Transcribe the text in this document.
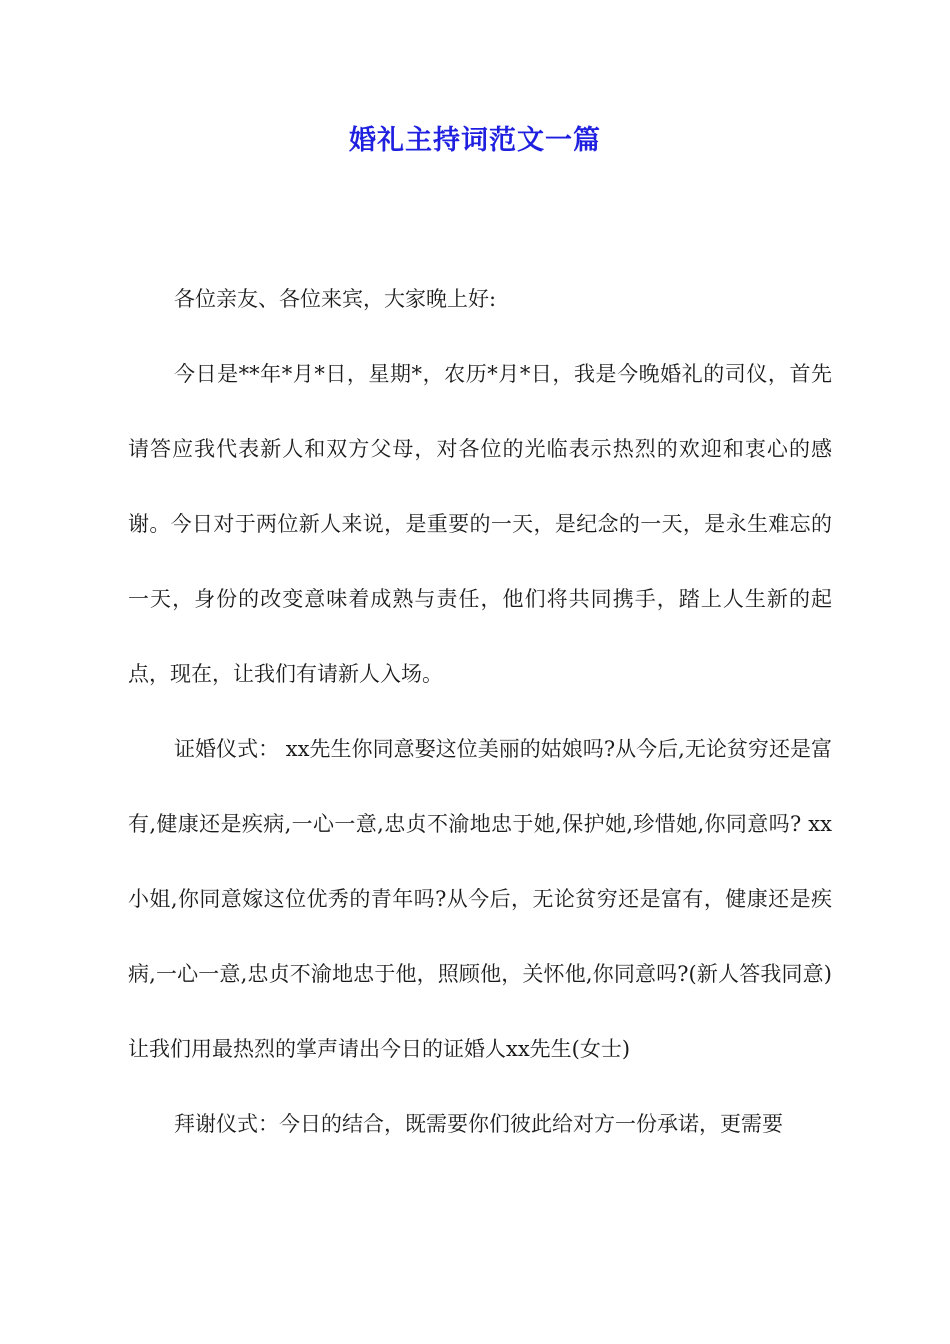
婚礼主持词范文一篇

各位亲友、各位来宾，大家晚上好:

今日是**年*月*日，星期*，农历*月*日，我是今晚婚礼的司仪，首先请答应我代表新人和双方父母，对各位的光临表示热烈的欢迎和衷心的感谢。今日对于两位新人来说，是重要的一天，是纪念的一天，是永生难忘的一天，身份的改变意味着成熟与责任，他们将共同携手，踏上人生新的起点，现在，让我们有请新人入场。

证婚仪式： xx先生你同意娶这位美丽的姑娘吗?从今后,无论贫穷还是富有,健康还是疾病,一心一意,忠贞不渝地忠于她,保护她,珍惜她,你同意吗? xx小姐,你同意嫁这位优秀的青年吗?从今后，无论贫穷还是富有，健康还是疾病,一心一意,忠贞不渝地忠于他，照顾他，关怀他,你同意吗?(新人答我同意) 让我们用最热烈的掌声请出今日的证婚人xx先生(女士)

拜谢仪式：今日的结合，既需要你们彼此给对方一份承诺，更需要
